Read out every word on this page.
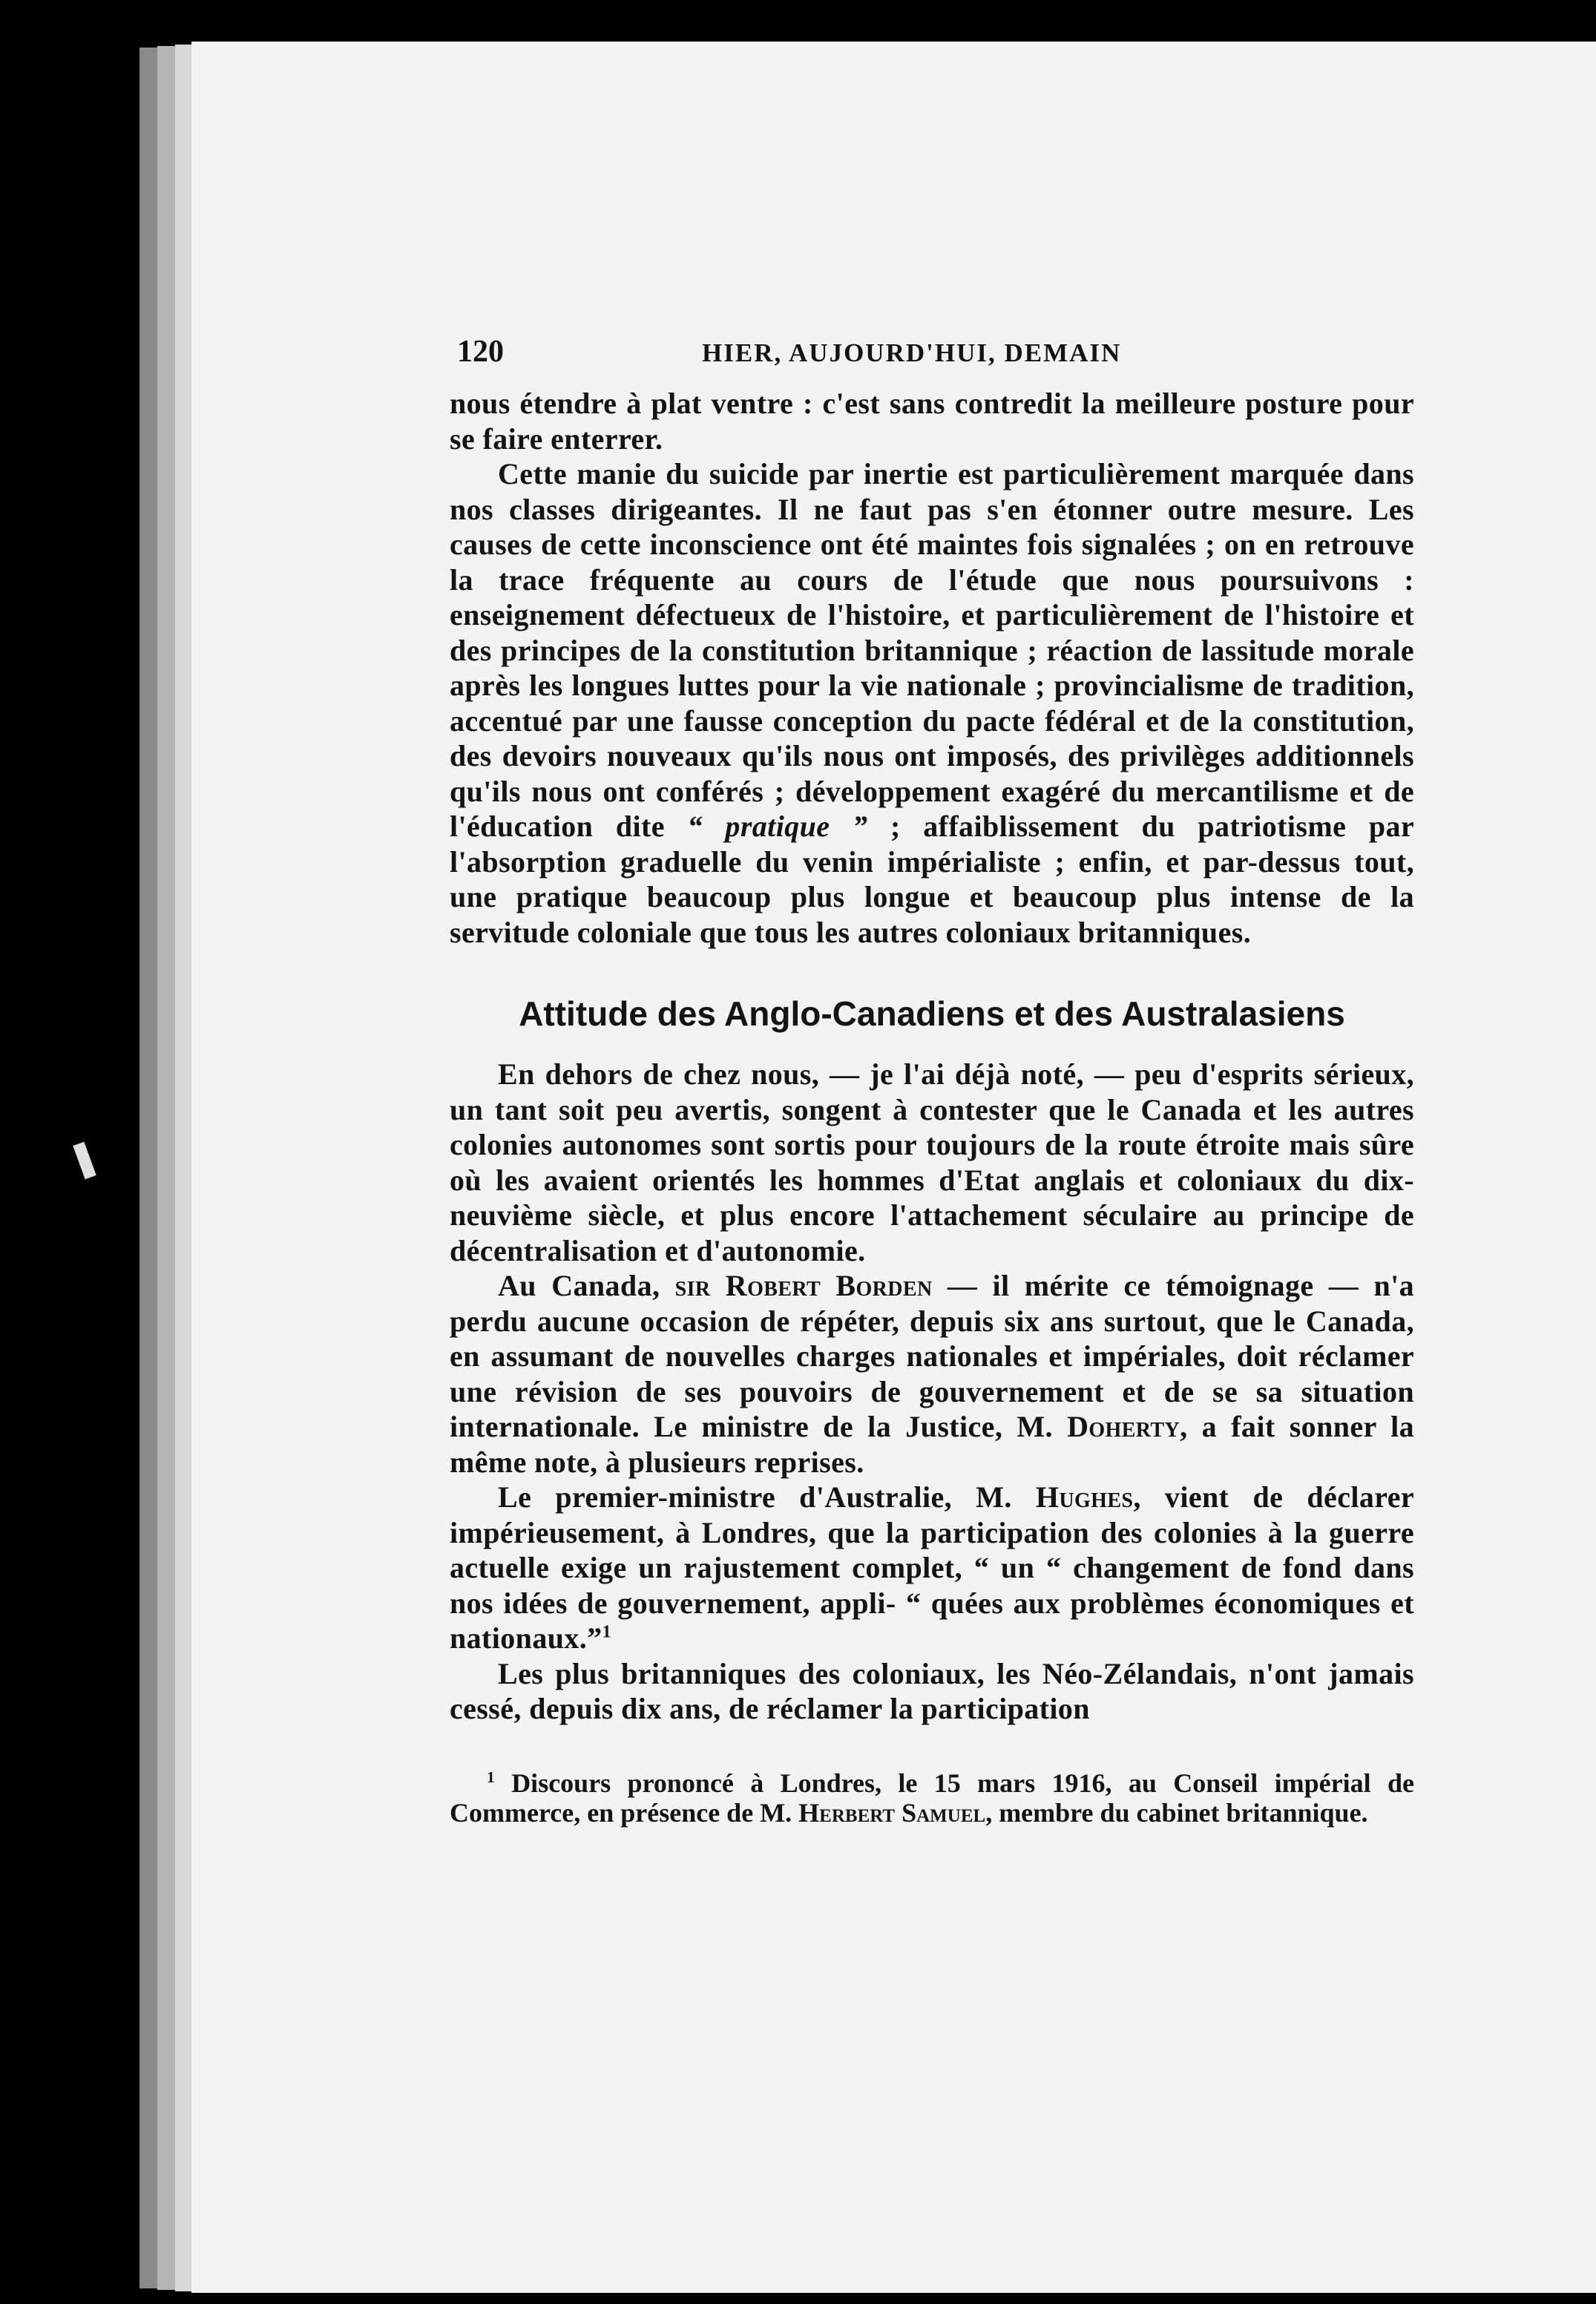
120	HIER, AUJOURD'HUI, DEMAIN

nous étendre à plat ventre : c'est sans contredit la meilleure posture pour se faire enterrer.

Cette manie du suicide par inertie est particulièrement marquée dans nos classes dirigeantes. Il ne faut pas s'en étonner outre mesure. Les causes de cette inconscience ont été maintes fois signalées ; on en retrouve la trace fréquente au cours de l'étude que nous poursuivons : enseignement défectueux de l'histoire, et particulièrement de l'histoire et des principes de la constitution britannique ; réaction de lassitude morale après les longues luttes pour la vie nationale ; provincialisme de tradition, accentué par une fausse conception du pacte fédéral et de la constitution, des devoirs nouveaux qu'ils nous ont imposés, des privilèges additionnels qu'ils nous ont conférés ; développement exagéré du mercantilisme et de l'éducation dite “ pratique ” ; affaiblissement du patriotisme par l'absorption graduelle du venin impérialiste ; enfin, et par-dessus tout, une pratique beaucoup plus longue et beaucoup plus intense de la servitude coloniale que tous les autres coloniaux britanniques.

Attitude des Anglo-Canadiens et des Australasiens

En dehors de chez nous, — je l'ai déjà noté, — peu d'esprits sérieux, un tant soit peu avertis, songent à contester que le Canada et les autres colonies autonomes sont sortis pour toujours de la route étroite mais sûre où les avaient orientés les hommes d'Etat anglais et coloniaux du dix-neuvième siècle, et plus encore l'attachement séculaire au principe de décentralisation et d'autonomie.

Au Canada, sir Robert Borden — il mérite ce témoignage — n'a perdu aucune occasion de répéter, depuis six ans surtout, que le Canada, en assumant de nouvelles charges nationales et impériales, doit réclamer une révision de ses pouvoirs de gouvernement et de se sa situation internationale. Le ministre de la Justice, M. Doherty, a fait sonner la même note, à plusieurs reprises.

Le premier-ministre d'Australie, M. Hughes, vient de déclarer impérieusement, à Londres, que la participation des colonies à la guerre actuelle exige un rajustement complet, “ un “ changement de fond dans nos idées de gouvernement, appli- “ quées aux problèmes économiques et nationaux.”$^1$

Les plus britanniques des coloniaux, les Néo-Zélandais, n'ont jamais cessé, depuis dix ans, de réclamer la participation

$^1$ Discours prononcé à Londres, le 15 mars 1916, au Conseil impérial de Commerce, en présence de M. Herbert Samuel, membre du cabinet britannique.
